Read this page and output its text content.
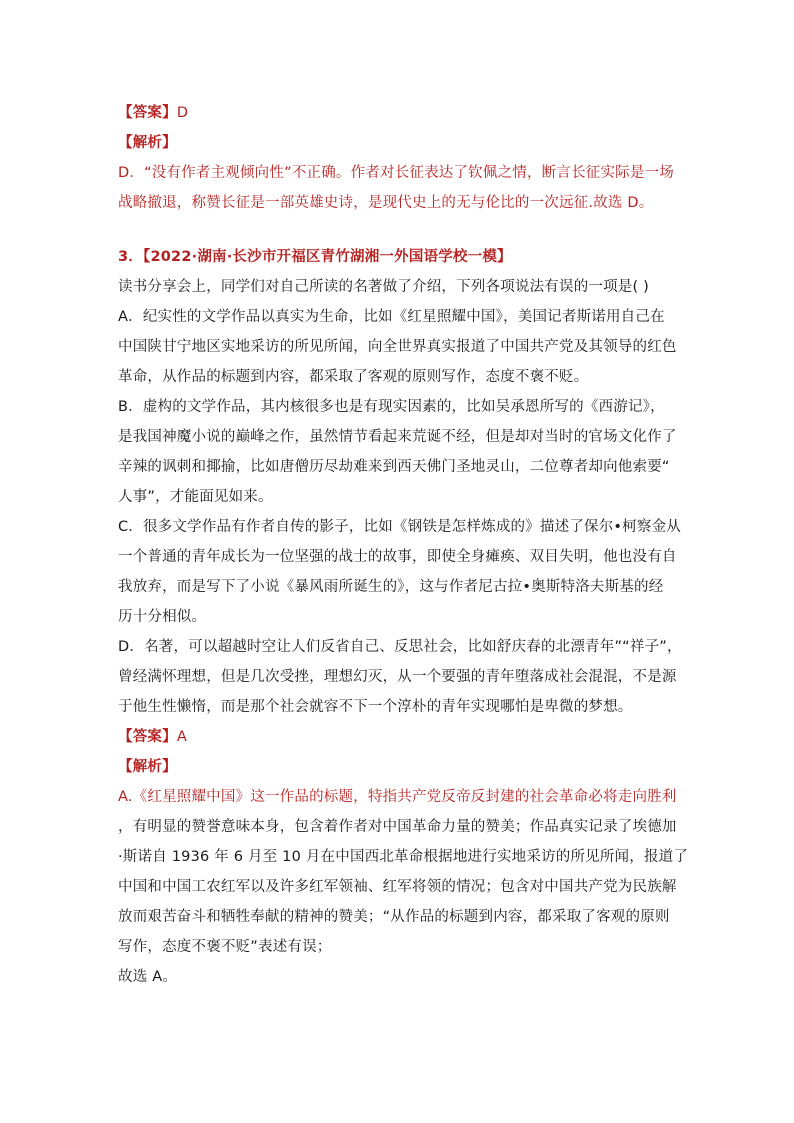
【答案】D
【解析】
D．“没有作者主观倾向性”不正确。作者对长征表达了钦佩之情，断言长征实际是一场
战略撤退，称赞长征是一部英雄史诗，是现代史上的无与伦比的一次远征.故选 D。
3．【2022·湖南·长沙市开福区青竹湖湘一外国语学校一模】
读书分享会上，同学们对自己所读的名著做了介绍，下列各项说法有误的一项是( )
A．纪实性的文学作品以真实为生命，比如《红星照耀中国》，美国记者斯诺用自己在
中国陕甘宁地区实地采访的所见所闻，向全世界真实报道了中国共产党及其领导的红色
革命，从作品的标题到内容，都采取了客观的原则写作，态度不褒不贬。
B．虚构的文学作品，其内核很多也是有现实因素的，比如吴承恩所写的《西游记》，
是我国神魔小说的巅峰之作，虽然情节看起来荒诞不经，但是却对当时的官场文化作了
辛辣的讽刺和揶揄，比如唐僧历尽劫难来到西天佛门圣地灵山，二位尊者却向他索要“
人事”，才能面见如来。
C．很多文学作品有作者自传的影子，比如《钢铁是怎样炼成的》描述了保尔•柯察金从
一个普通的青年成长为一位坚强的战士的故事，即使全身瘫痪、双目失明，他也没有自
我放弃，而是写下了小说《暴风雨所诞生的》，这与作者尼古拉•奥斯特洛夫斯基的经
历十分相似。
D．名著，可以超越时空让人们反省自己、反思社会，比如舒庆春的北漂青年”“祥子”，
曾经满怀理想，但是几次受挫，理想幻灭，从一个要强的青年堕落成社会混混，不是源
于他生性懒惰，而是那个社会就容不下一个淳朴的青年实现哪怕是卑微的梦想。
【答案】A
【解析】
A.《红星照耀中国》这一作品的标题，特指共产党反帝反封建的社会革命必将走向胜利
，有明显的赞誉意味本身，包含着作者对中国革命力量的赞美；作品真实记录了埃德加
·斯诺自 1936 年 6 月至 10 月在中国西北革命根据地进行实地采访的所见所闻，报道了
中国和中国工农红军以及许多红军领袖、红军将领的情况；包含对中国共产党为民族解
放而艰苦奋斗和牺牲奉献的精神的赞美；“从作品的标题到内容，都采取了客观的原则
写作，态度不褒不贬”表述有误；
故选 A。
